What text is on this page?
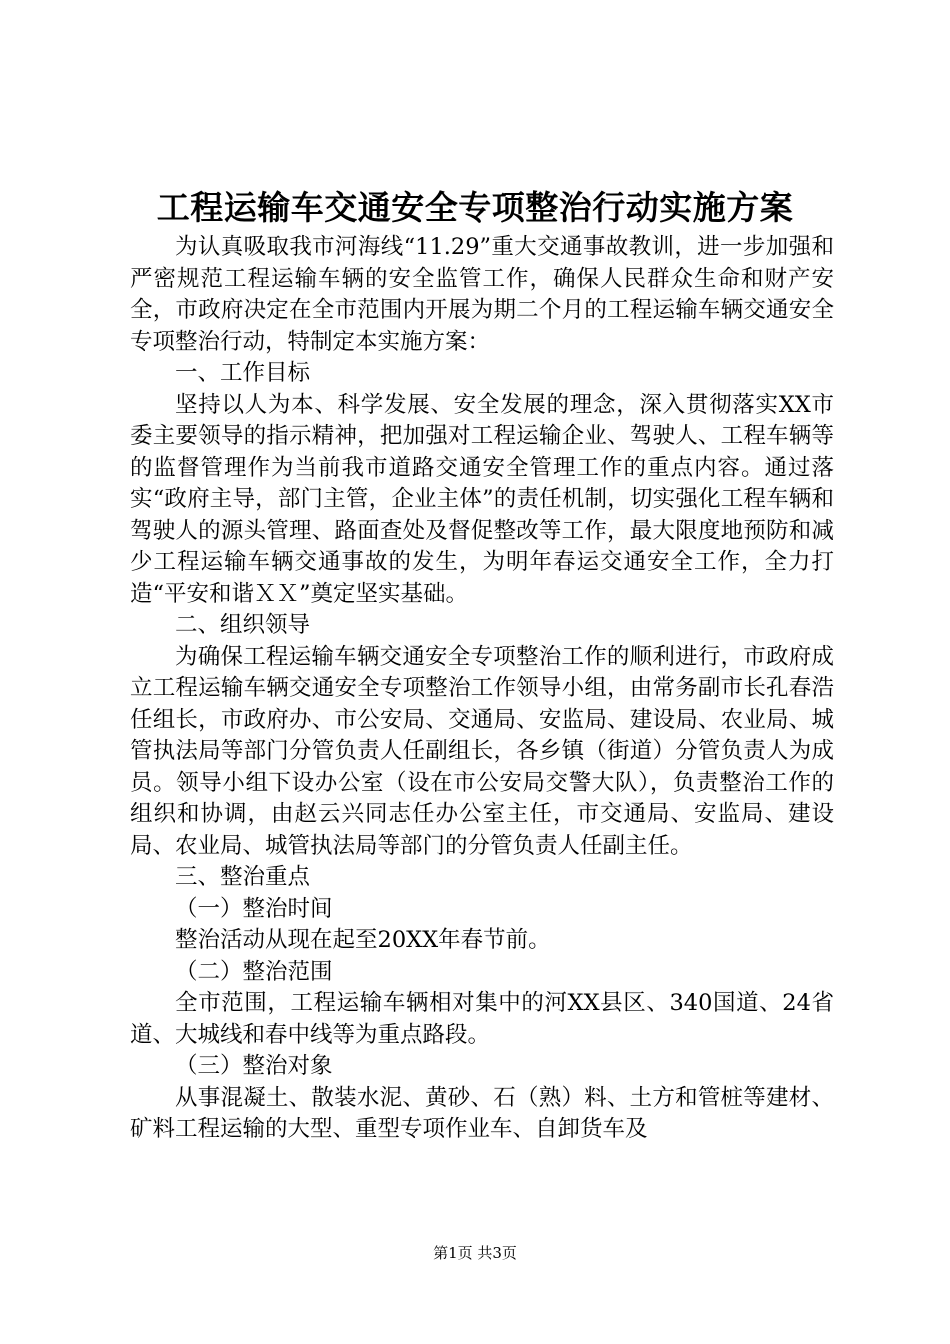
工程运输车交通安全专项整治行动实施方案

为认真吸取我市河海线“11.29”重大交通事故教训，进一步加强和严密规范工程运输车辆的安全监管工作，确保人民群众生命和财产安全，市政府决定在全市范围内开展为期二个月的工程运输车辆交通安全专项整治行动，特制定本实施方案：

一、工作目标

坚持以人为本、科学发展、安全发展的理念，深入贯彻落实XX市委主要领导的指示精神，把加强对工程运输企业、驾驶人、工程车辆等的监督管理作为当前我市道路交通安全管理工作的重点内容。通过落实“政府主导，部门主管，企业主体”的责任机制，切实强化工程车辆和驾驶人的源头管理、路面查处及督促整改等工作，最大限度地预防和减少工程运输车辆交通事故的发生，为明年春运交通安全工作，全力打造“平安和谐ＸＸ”奠定坚实基础。

二、组织领导

为确保工程运输车辆交通安全专项整治工作的顺利进行，市政府成立工程运输车辆交通安全专项整治工作领导小组，由常务副市长孔春浩任组长，市政府办、市公安局、交通局、安监局、建设局、农业局、城管执法局等部门分管负责人任副组长，各乡镇（街道）分管负责人为成员。领导小组下设办公室（设在市公安局交警大队），负责整治工作的组织和协调，由赵云兴同志任办公室主任，市交通局、安监局、建设局、农业局、城管执法局等部门的分管负责人任副主任。

三、整治重点

（一）整治时间

整治活动从现在起至20XX年春节前。

（二）整治范围

全市范围，工程运输车辆相对集中的河XX县区、340国道、24省道、大城线和春中线等为重点路段。

（三）整治对象

从事混凝土、散装水泥、黄砂、石（熟）料、土方和管桩等建材、矿料工程运输的大型、重型专项作业车、自卸货车及

第1页 共3页
